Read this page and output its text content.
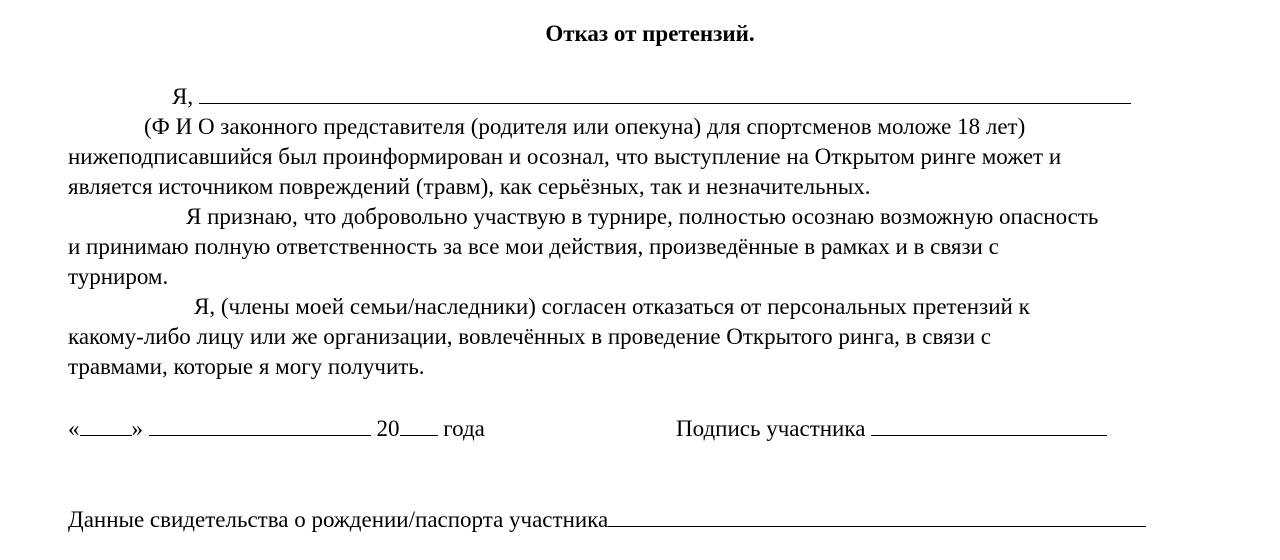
Отказ от претензий.
Я,
(Ф И О законного представителя (родителя или опекуна) для спортсменов моложе 18 лет)
нижеподписавшийся был проинформирован и осознал, что выступление на Открытом ринге может и
является источником повреждений (травм), как серьёзных, так и незначительных.
Я признаю, что добровольно участвую в турнире, полностью осознаю возможную опасность
и принимаю полную ответственность за все мои действия, произведённые в рамках и в связи с
турниром.
Я, (члены моей семьи/наследники) согласен отказаться от персональных претензий к
какому-либо лицу или же организации, вовлечённых в проведение Открытого ринга, в связи с
травмами, которые я могу получить.
« »	20 года	Подпись участника
Данные свидетельства о рождении/паспорта участника
